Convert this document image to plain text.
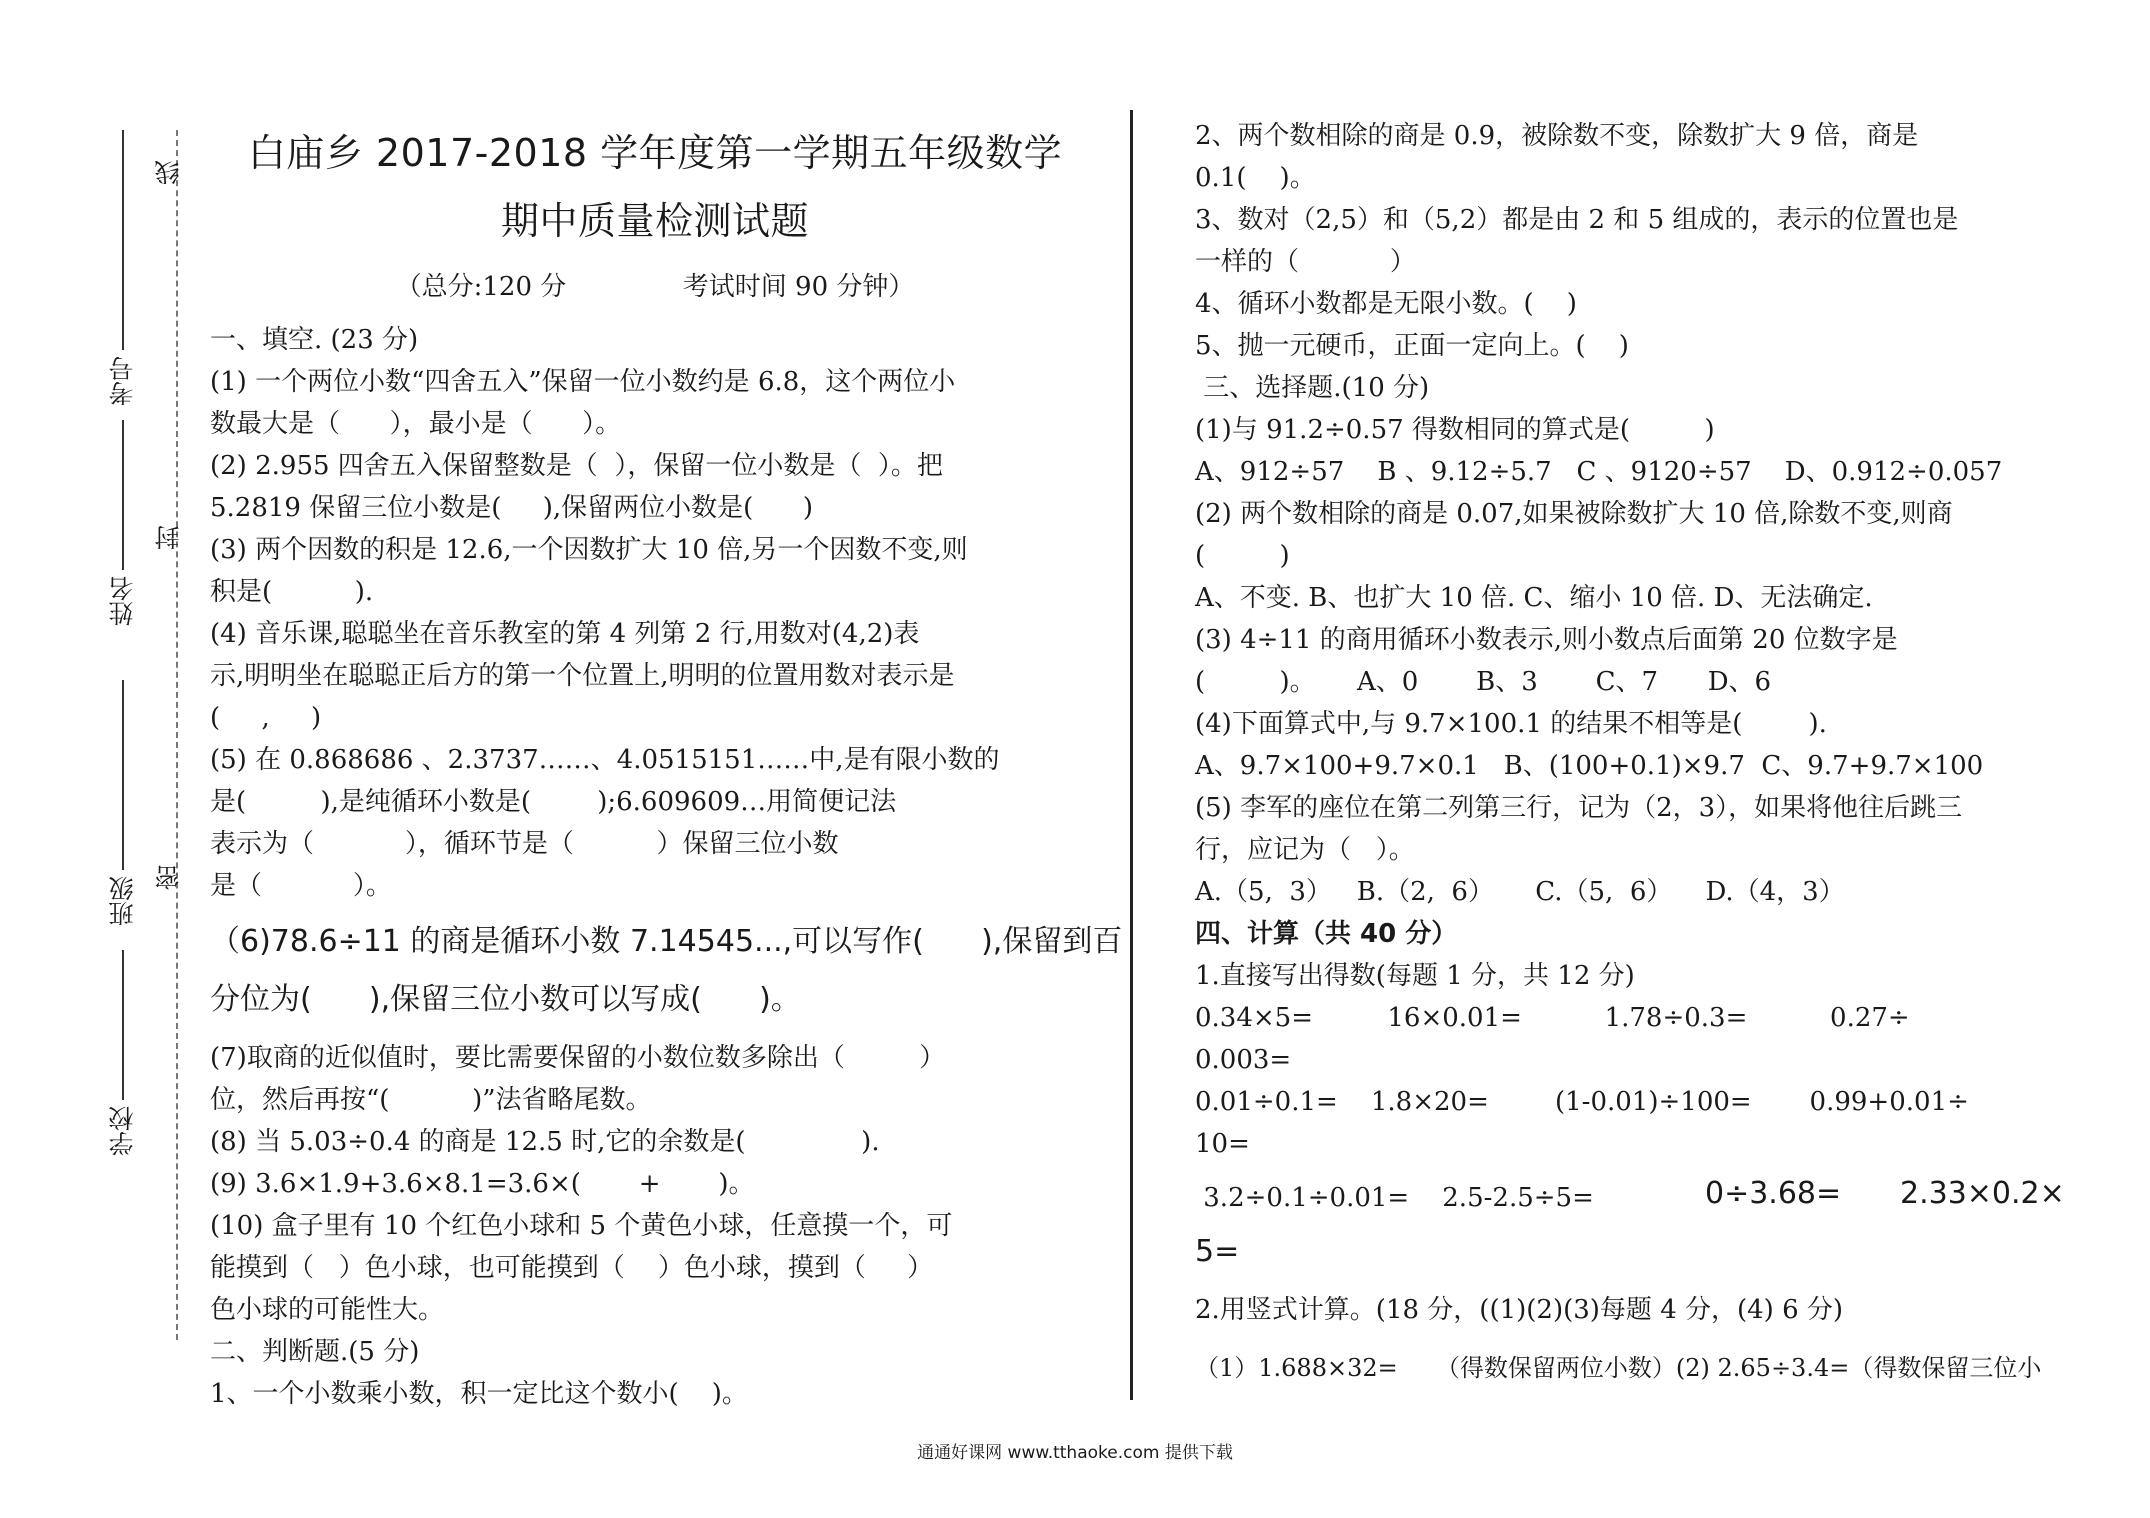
线
封
密
考号
姓名
班级
学校
白庙乡 2017-2018 学年度第一学期五年级数学
期中质量检测试题
（总分:120 分	考试时间 90 分钟）
一、填空. (23 分)
(1) 一个两位小数“四舍五入”保留一位小数约是 6.8，这个两位小
数最大是（      ），最小是（      ）。
(2) 2.955 四舍五入保留整数是（  ），保留一位小数是（  ）。把
5.2819 保留三位小数是(     ),保留两位小数是(      )
(3) 两个因数的积是 12.6,一个因数扩大 10 倍,另一个因数不变,则
积是(          ).
(4) 音乐课,聪聪坐在音乐教室的第 4 列第 2 行,用数对(4,2)表
示,明明坐在聪聪正后方的第一个位置上,明明的位置用数对表示是
(     ,     )
(5) 在 0.868686 、2.3737……、4.0515151……中,是有限小数的
是(         ),是纯循环小数是(        );6.609609…用简便记法
表示为（           ），循环节是（          ）保留三位小数
是（           ）。
（6)78.6÷11 的商是循环小数 7.14545...,可以写作(      ),保留到百
分位为(      ),保留三位小数可以写成(      )。
(7)取商的近似值时，要比需要保留的小数位数多除出（         ）
位，然后再按“(          )”法省略尾数。
(8) 当 5.03÷0.4 的商是 12.5 时,它的余数是(              ).
(9) 3.6×1.9+3.6×8.1=3.6×(       +       )。
(10) 盒子里有 10 个红色小球和 5 个黄色小球，任意摸一个，可
能摸到（   ）色小球，也可能摸到（    ）色小球，摸到（     ）
色小球的可能性大。
二、判断题.(5 分)
1、一个小数乘小数，积一定比这个数小(    )。
2、两个数相除的商是 0.9，被除数不变，除数扩大 9 倍，商是
0.1(    )。
3、数对（2,5）和（5,2）都是由 2 和 5 组成的，表示的位置也是
一样的（           ）
4、循环小数都是无限小数。(    )
5、抛一元硬币，正面一定向上。(    )
三、选择题.(10 分)
(1)与 91.2÷0.57 得数相同的算式是(         )
A、912÷57    B 、9.12÷5.7   C 、9120÷57    D、0.912÷0.057
(2) 两个数相除的商是 0.07,如果被除数扩大 10 倍,除数不变,则商
(         )
A、不变. B、也扩大 10 倍. C、缩小 10 倍. D、无法确定.
(3) 4÷11 的商用循环小数表示,则小数点后面第 20 位数字是
(         )。     A、0       B、3       C、7      D、6
(4)下面算式中,与 9.7×100.1 的结果不相等是(        ).
A、9.7×100+9.7×0.1   B、(100+0.1)×9.7  C、9.7+9.7×100
(5) 李军的座位在第二列第三行，记为（2，3），如果将他往后跳三
行，应记为（   ）。
A.（5,  3）   B.（2,  6）     C.（5,  6）    D.（4，3）
四、计算（共 40 分）
1.直接写出得数(每题 1 分，共 12 分)
0.34×5=         16×0.01=          1.78÷0.3=          0.27÷
0.003=
0.01÷0.1=    1.8×20=        (1-0.01)÷100=       0.99+0.01÷
10=
3.2÷0.1÷0.01=    2.5-2.5÷5=	0÷3.68= 2.33×0.2×
5=
2.用竖式计算。(18 分，((1)(2)(3)每题 4 分，(4) 6 分)
（1）1.688×32=     （得数保留两位小数）(2) 2.65÷3.4=（得数保留三位小
通通好课网 www.tthaoke.com 提供下载
